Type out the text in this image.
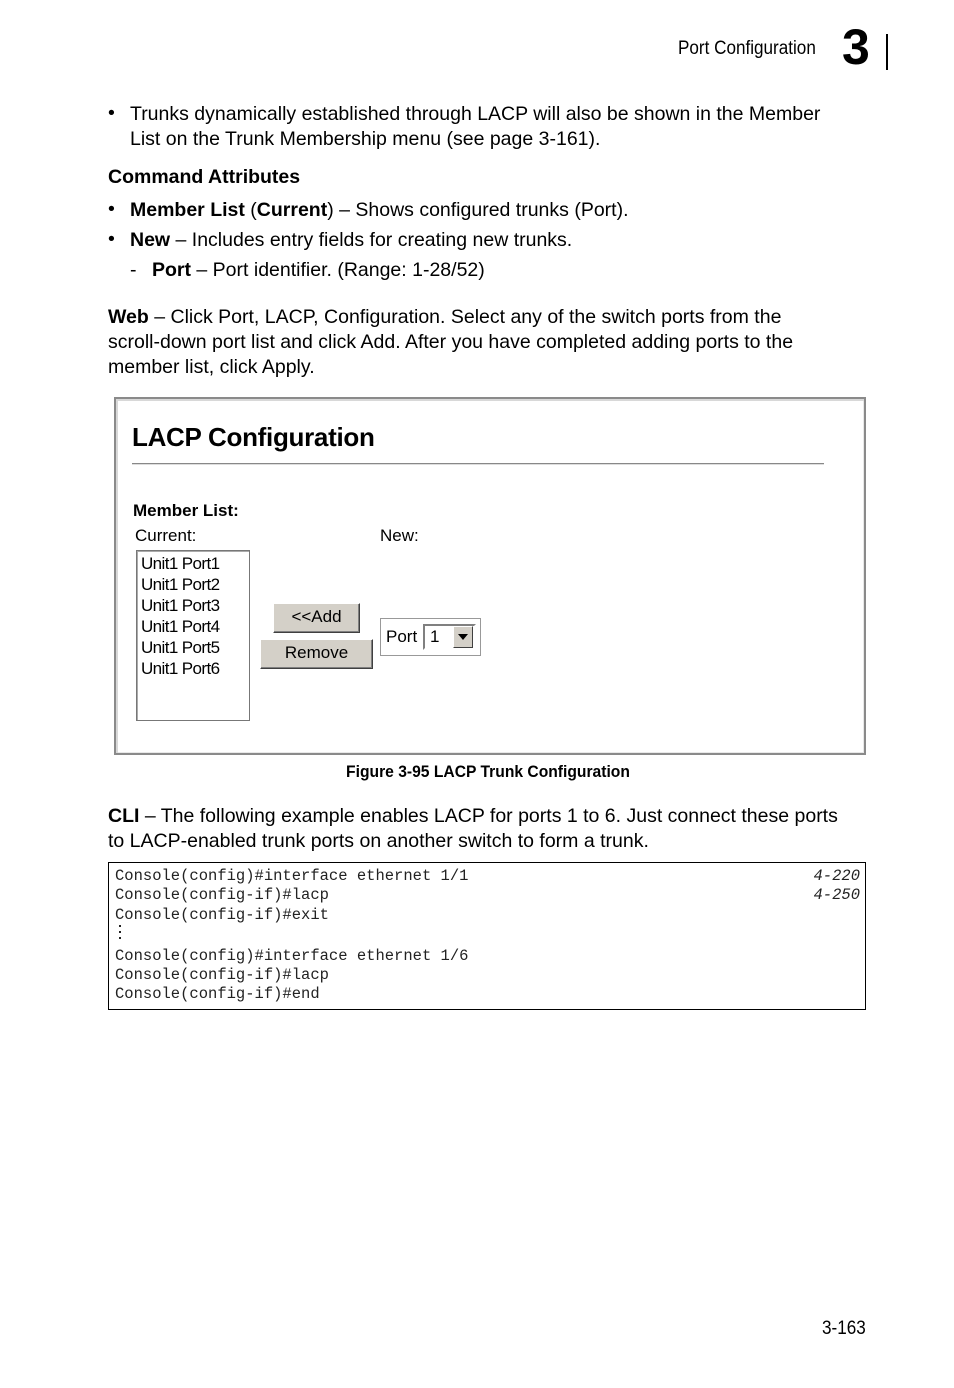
Port Configuration 3
• Trunks dynamically established through LACP will also be shown in the Member
List on the Trunk Membership menu (see page 3-161).
Command Attributes
• Member List (Current) – Shows configured trunks (Port).
• New – Includes entry fields for creating new trunks.
- Port – Port identifier. (Range: 1-28/52)
Web – Click Port, LACP, Configuration. Select any of the switch ports from the
scroll-down port list and click Add. After you have completed adding ports to the
member list, click Apply.
LACP Configuration
Member List:
Current:	New:
Unit1 Port1
Unit1 Port2
Unit1 Port3
Unit1 Port4
Unit1 Port5
Unit1 Port6
<<Add
Remove
Port 1
Figure 3-95 LACP Trunk Configuration
CLI – The following example enables LACP for ports 1 to 6. Just connect these ports
to LACP-enabled trunk ports on another switch to form a trunk.
Console(config)#interface ethernet 1/1	4-220
Console(config-if)#lacp	4-250
Console(config-if)#exit
Console(config)#interface ethernet 1/6
Console(config-if)#lacp
Console(config-if)#end
3-163
